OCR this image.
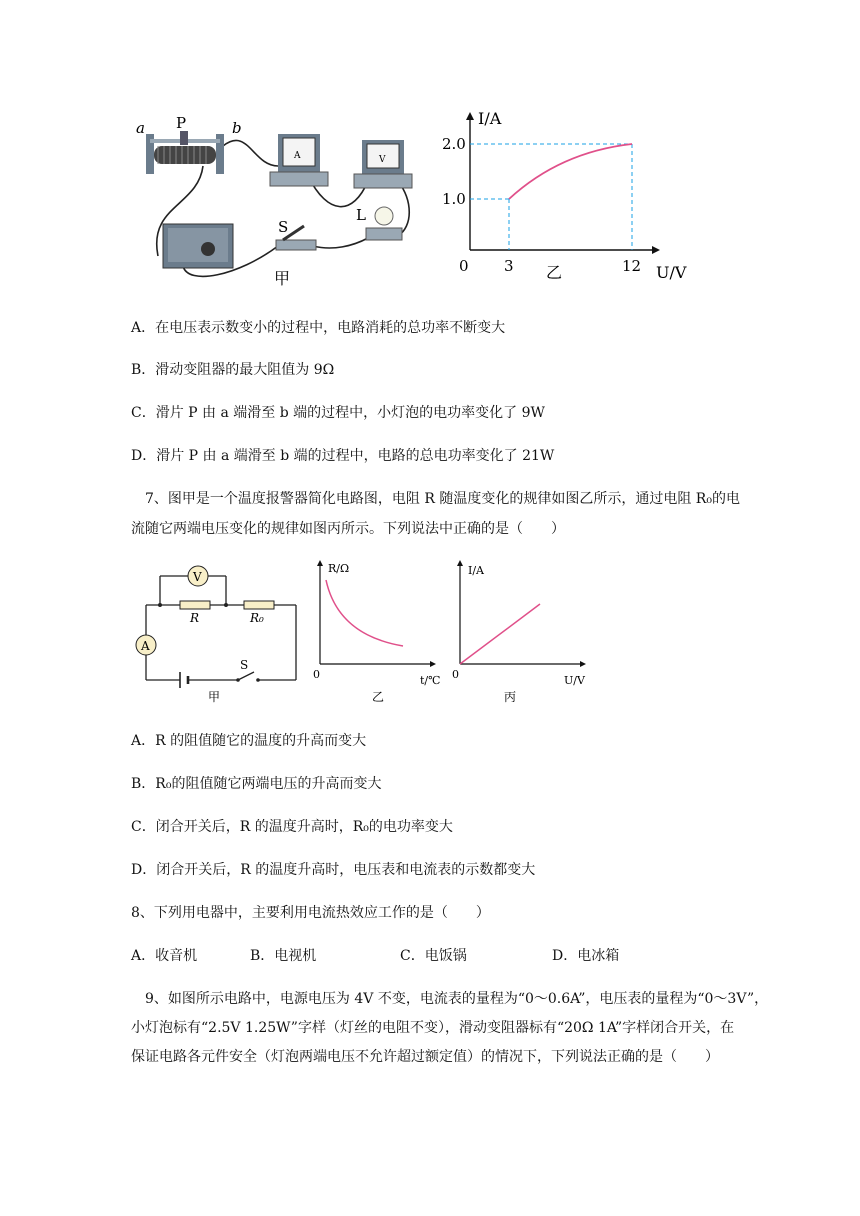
P
a	b
A	V
L
S
甲
I/A
U/V
0 3	12
1.0
2.0
乙
A．在电压表示数变小的过程中，电路消耗的总功率不断变大
B．滑动变阻器的最大阻值为 9Ω
C．滑片 P 由 a 端滑至 b 端的过程中，小灯泡的电功率变化了 9W
D．滑片 P 由 a 端滑至 b 端的过程中，电路的总电功率变化了 21W
7、图甲是一个温度报警器简化电路图，电阻 R 随温度变化的规律如图乙所示，通过电阻 R₀的电
流随它两端电压变化的规律如图丙所示。下列说法中正确的是（　　）
S
R	R₀
V
A
甲
R/Ω
t/℃
0
乙
I/A
U/V
0
丙
A．R 的阻值随它的温度的升高而变大
B．R₀的阻值随它两端电压的升高而变大
C．闭合开关后，R 的温度升高时，R₀的电功率变大
D．闭合开关后，R 的温度升高时，电压表和电流表的示数都变大
8、下列用电器中，主要利用电流热效应工作的是（　　）
A．收音机	B．电视机	C．电饭锅	D．电冰箱
9、如图所示电路中，电源电压为 4V 不变，电流表的量程为“0～0.6A”，电压表的量程为“0～3V”，
小灯泡标有“2.5V 1.25W”字样（灯丝的电阻不变），滑动变阻器标有“20Ω 1A”字样闭合开关，在
保证电路各元件安全（灯泡两端电压不允许超过额定值）的情况下，下列说法正确的是（　　）
